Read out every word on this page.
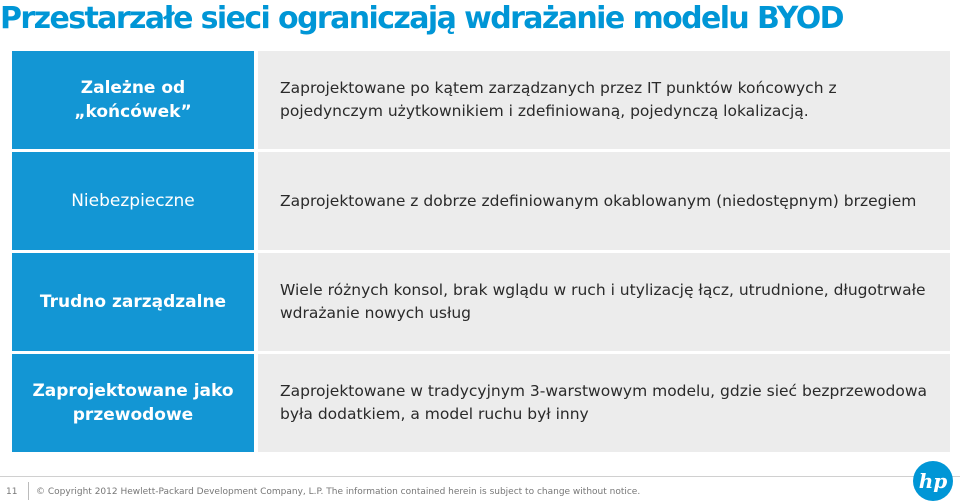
Przestarzałe sieci ograniczają wdrażanie modelu BYOD
Zależne od
„końcówek”
Zaprojektowane po kątem zarządzanych przez IT punktów końcowych z pojedynczym użytkownikiem i zdefiniowaną, pojedynczą lokalizacją.
Niebezpieczne	Zaprojektowane z dobrze zdefiniowanym okablowanym (niedostępnym) brzegiem
Trudno zarządzalne
Wiele różnych konsol, brak wglądu w ruch i utylizację łącz, utrudnione, długotrwałe wdrażanie nowych usług
Zaprojektowane jako przewodowe
Zaprojektowane w tradycyjnym 3-warstwowym modelu, gdzie sieć bezprzewodowa była dodatkiem, a model ruchu był inny
11 © Copyright 2012 Hewlett-Packard Development Company, L.P. The information contained herein is subject to change without notice.	hp
